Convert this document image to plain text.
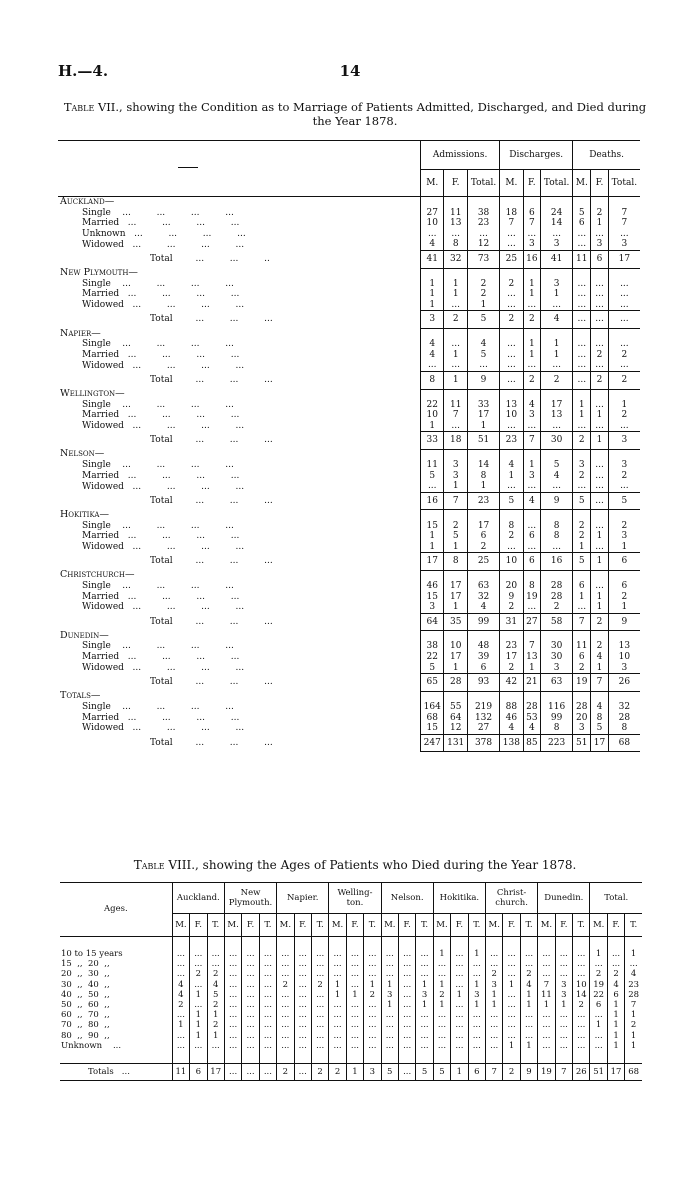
H.—4.	14
Table VII., showing the Condition as to Marriage of Patients Admitted, Discharged, and Died during the Year 1878.
	Admissions.			Discharges.			Deaths.		
	M.	F.	Total.	M.	F.	Total.	M.	F.	Total.
Auckland—									
Single    ...         ...         ...         ...	27	11	38	18	6	24	5	2	7
Married   ...         ...         ...         ...	10	13	23	7	7	14	6	1	7
Unknown   ...         ...         ...         ...	...	...	...	...	...	...	...	...	...
Widowed   ...         ...         ...         ...	4	8	12	...	3	3	...	3	3
Total        ...         ...         ..	41	32	73	25	16	41	11	6	17
New Plymouth—									
Single    ...         ...         ...         ...	1	1	2	2	1	3	...	...	...
Married   ...         ...         ...         ...	1	1	2	...	1	1	...	...	...
Widowed   ...         ...         ...         ...	1	...	1	...	...	...	...	...	...
Total        ...         ...         ...	3	2	5	2	2	4	...	...	...
Napier—									
Single    ...         ...         ...         ...	4	...	4	...	1	1	...	...	...
Married   ...         ...         ...         ...	4	1	5	...	1	1	...	2	2
Widowed   ...         ...         ...         ...	...	...	...	...	...	...	...	...	...
Total        ...         ...         ...	8	1	9	...	2	2	...	2	2
Wellington—									
Single    ...         ...         ...         ...	22	11	33	13	4	17	1	...	1
Married   ...         ...         ...         ...	10	7	17	10	3	13	1	1	2
Widowed   ...         ...         ...         ...	1	...	1	...	...	...	...	...	...
Total        ...         ...         ...	33	18	51	23	7	30	2	1	3
Nelson—									
Single    ...         ...         ...         ...	11	3	14	4	1	5	3	...	3
Married   ...         ...         ...         ...	5	3	8	1	3	4	2	...	2
Widowed   ...         ...         ...         ...	...	1	1	...	...	...	...	...	...
Total        ...         ...         ...	16	7	23	5	4	9	5	...	5
Hokitika—									
Single    ...         ...         ...         ...	15	2	17	8	...	8	2	...	2
Married   ...         ...         ...         ...	1	5	6	2	6	8	2	1	3
Widowed   ...         ...         ...         ...	1	1	2	...	...	...	1	...	1
Total        ...         ...         ...	17	8	25	10	6	16	5	1	6
Christchurch—									
Single    ...         ...         ...         ...	46	17	63	20	8	28	6	...	6
Married   ...         ...         ...         ...	15	17	32	9	19	28	1	1	2
Widowed   ...         ...         ...         ...	3	1	4	2	...	2	...	1	1
Total        ...         ...         ...	64	35	99	31	27	58	7	2	9
Dunedin—									
Single    ...         ...         ...         ...	38	10	48	23	7	30	11	2	13
Married   ...         ...         ...         ...	22	17	39	17	13	30	6	4	10
Widowed   ...         ...         ...         ...	5	1	6	2	1	3	2	1	3
Total        ...         ...         ...	65	28	93	42	21	63	19	7	26
Totals—									
Single    ...         ...         ...         ...	164	55	219	88	28	116	28	4	32
Married   ...         ...         ...         ...	68	64	132	46	53	99	20	8	28
Widowed   ...         ...         ...         ...	15	12	27	4	4	8	3	5	8
Total        ...         ...         ...	247	131	378	138	85	223	51	17	68
Table VIII., showing the Ages of Patients who Died during the Year 1878.
Ages.	Auckland.			New Plymouth.			Napier.			Welling-ton.			Nelson.			Hokitika.			Christ-church.			Dunedin.			Total.		
	M.	F.	T.	M.	F.	T.	M.	F.	T.	M.	F.	T.	M.	F.	T.	M.	F.	T.	M.	F.	T.	M.	F.	T.	M.	F.	T.

10 to 15 years	...	...	...	...	...	...	...	...	...	...	...	...	...	...	...	1	...	1	...	...	...	...	...	...	1	...	1
15  ,,  20  ,,	...	...	...	...	...	...	...	...	...	...	...	...	...	...	...	...	...	...	...	...	...	...	...	...	...	...	...
20  ,,  30  ,,	...	2	2	...	...	...	...	...	...	...	...	...	...	...	...	...	...	...	2	...	2	...	...	...	2	2	4
30  ,,  40  ,,	4	...	4	...	...	...	2	...	2	1	...	1	1	...	1	1	...	1	3	1	4	7	3	10	19	4	23
40  ,,  50  ,,	4	1	5	...	...	...	...	...	...	1	1	2	3	...	3	2	1	3	1	...	1	11	3	14	22	6	28
50  ,,  60  ,,	2	...	2	...	...	...	...	...	...	...	...	...	1	...	1	1	...	1	1	...	1	1	1	2	6	1	7
60  ,,  70  ,,	...	1	1	...	...	...	...	...	...	...	...	...	...	...	...	...	...	...	...	...	...	...	...	...	...	1	1
70  ,,  80  ,,	1	1	2	...	...	...	...	...	...	...	...	...	...	...	...	...	...	...	...	...	...	...	...	...	1	1	2
80  ,,  90  ,,	...	1	1	...	...	...	...	...	...	...	...	...	...	...	...	...	...	...	...	...	...	...	...	...	...	1	1
Unknown    ...	...	...	...	...	...	...	...	...	...	...	...	...	...	...	...	...	...	...	...	1	1	...	...	...	...	1	1

Totals   ...	11	6	17	...	...	...	2	...	2	2	1	3	5	...	5	5	1	6	7	2	9	19	7	26	51	17	68
